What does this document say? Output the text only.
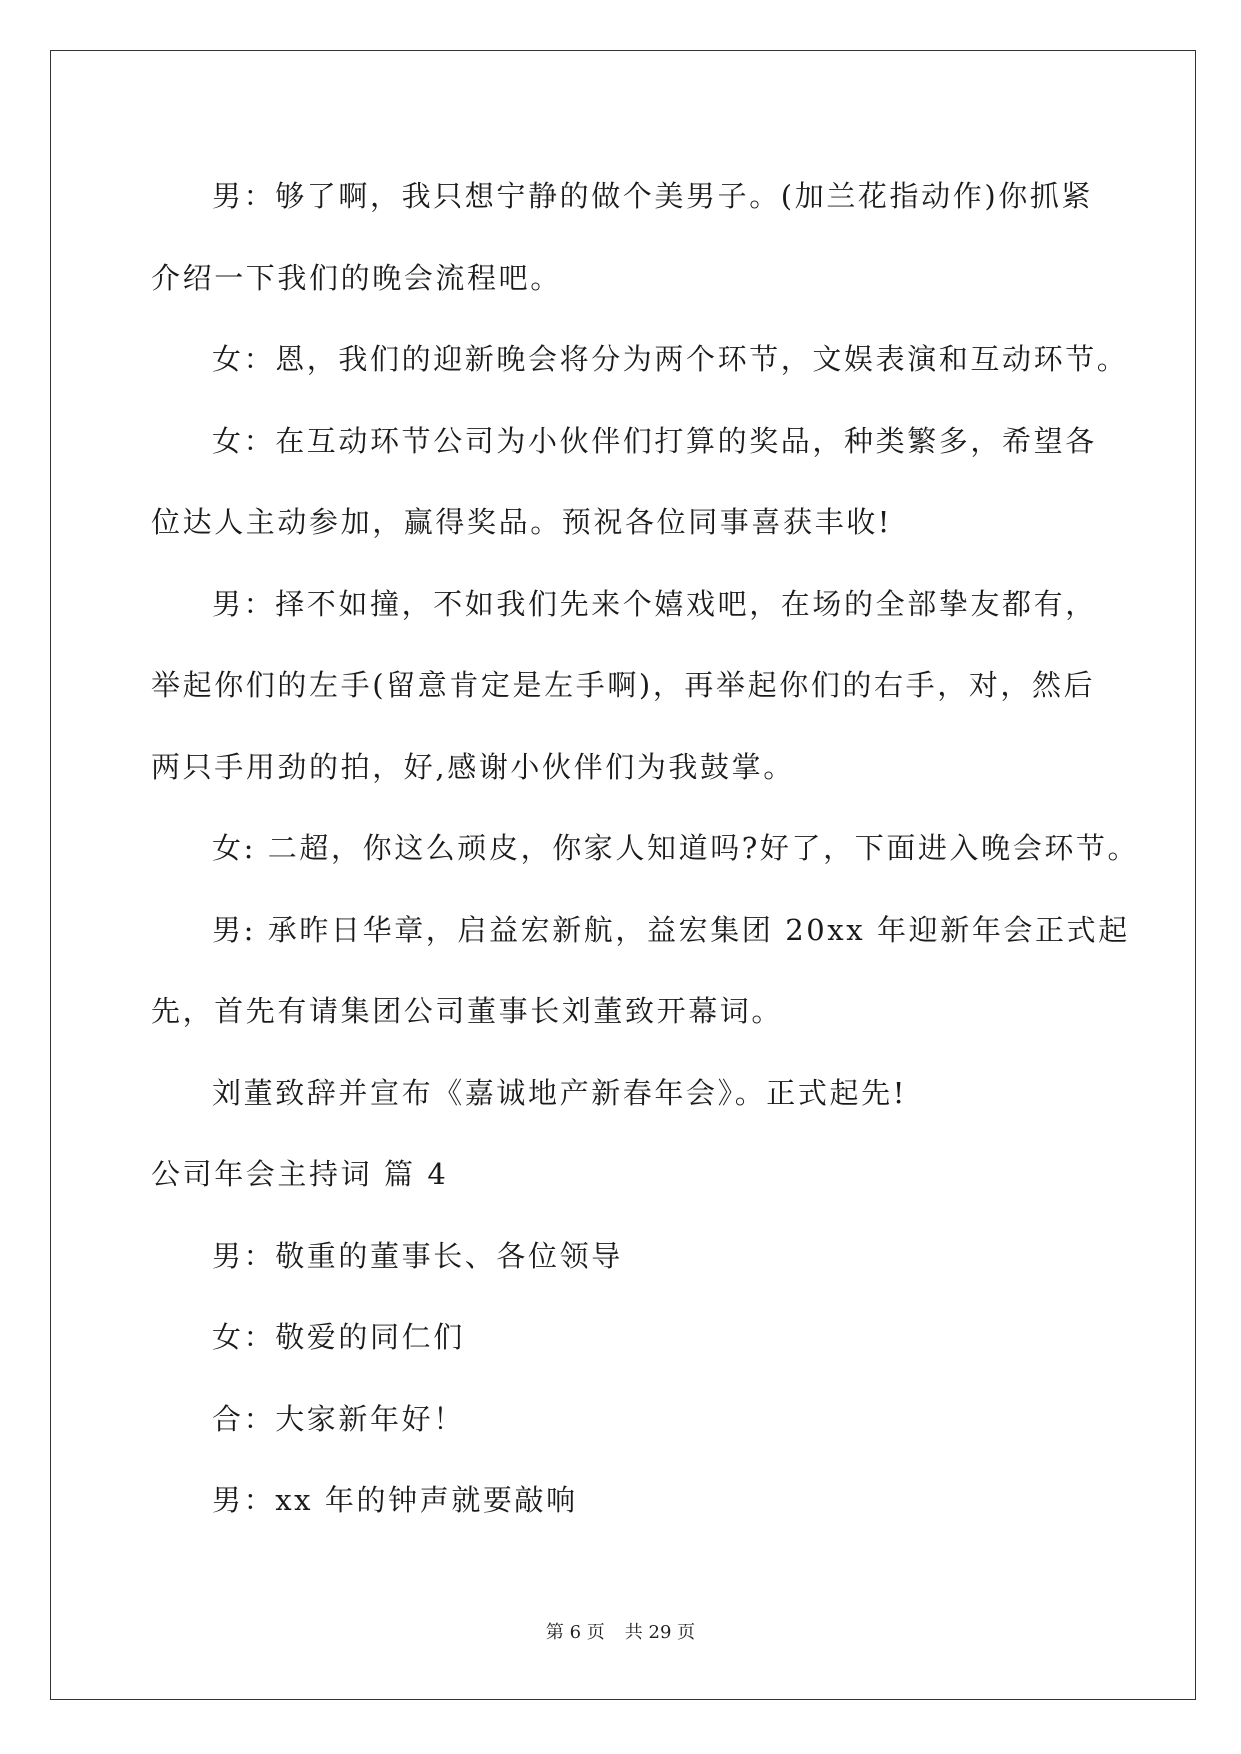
男：够了啊，我只想宁静的做个美男子。(加兰花指动作)你抓紧
介绍一下我们的晚会流程吧。
女：恩，我们的迎新晚会将分为两个环节，文娱表演和互动环节。
女：在互动环节公司为小伙伴们打算的奖品，种类繁多，希望各
位达人主动参加，赢得奖品。预祝各位同事喜获丰收!
男：择不如撞，不如我们先来个嬉戏吧，在场的全部挚友都有，
举起你们的左手(留意肯定是左手啊)，再举起你们的右手，对，然后
两只手用劲的拍，好,感谢小伙伴们为我鼓掌。
女: 二超，你这么顽皮，你家人知道吗?好了，下面进入晚会环节。
男: 承昨日华章，启益宏新航，益宏集团 20xx 年迎新年会正式起
先，首先有请集团公司董事长刘董致开幕词。
刘董致辞并宣布《嘉诚地产新春年会》。正式起先!
公司年会主持词 篇 4
男：敬重的董事长、各位领导
女：敬爱的同仁们
合：大家新年好！
男：xx 年的钟声就要敲响
第 6 页 共 29 页
